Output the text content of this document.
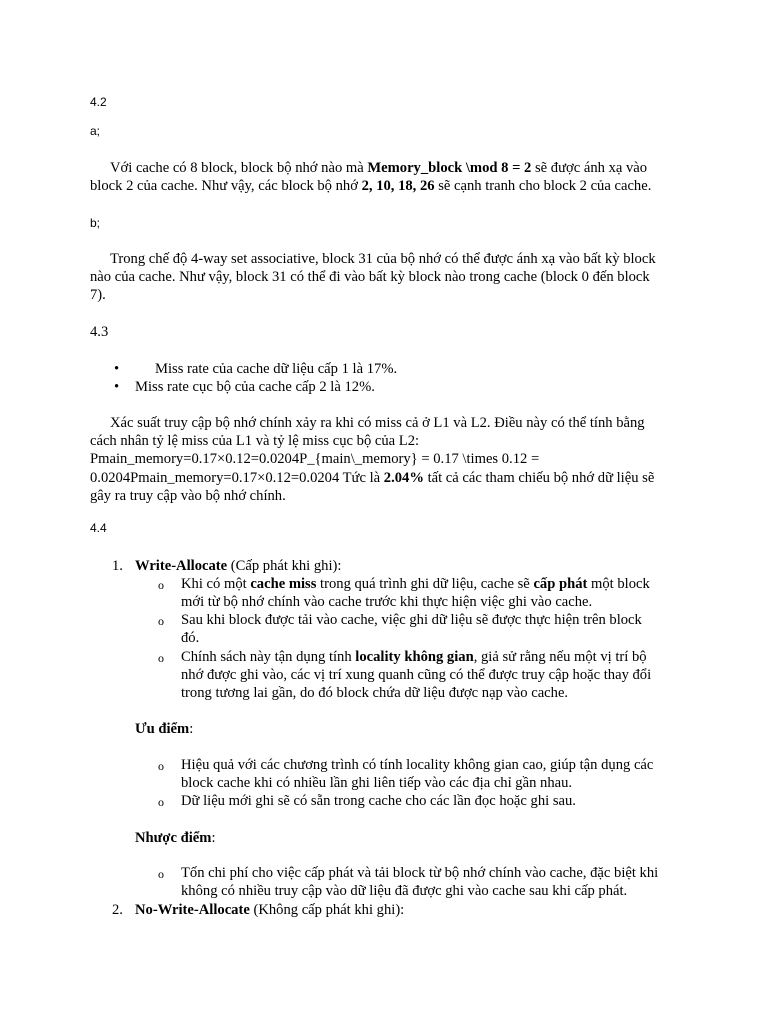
4.2
a;

Với cache có 8 block, block bộ nhớ nào mà Memory_block \mod 8 = 2 sẽ được ánh xạ vào
block 2 của cache. Như vậy, các block bộ nhớ 2, 10, 18, 26 sẽ cạnh tranh cho block 2 của cache.

b;
Trong chế độ 4-way set associative, block 31 của bộ nhớ có thể được ánh xạ vào bất kỳ block
nào của cache. Như vậy, block 31 có thể đi vào bất kỳ block nào trong cache (block 0 đến block
7).
4.3
• Miss rate của cache dữ liệu cấp 1 là 17%.
• Miss rate cục bộ của cache cấp 2 là 12%.
Xác suất truy cập bộ nhớ chính xảy ra khi có miss cả ở L1 và L2. Điều này có thể tính bằng
cách nhân tỷ lệ miss của L1 và tỷ lệ miss cục bộ của L2:
Pmain_memory=0.17×0.12=0.0204P_{main\_memory} = 0.17 \times 0.12 =
0.0204Pmain_memory=0.17×0.12=0.0204 Tức là 2.04% tất cả các tham chiếu bộ nhớ dữ liệu sẽ
gây ra truy cập vào bộ nhớ chính.
4.4
1. Write-Allocate (Cấp phát khi ghi):
o Khi có một cache miss trong quá trình ghi dữ liệu, cache sẽ cấp phát một block
mới từ bộ nhớ chính vào cache trước khi thực hiện việc ghi vào cache.
o Sau khi block được tải vào cache, việc ghi dữ liệu sẽ được thực hiện trên block
đó.
o Chính sách này tận dụng tính locality không gian, giả sử rằng nếu một vị trí bộ
nhớ được ghi vào, các vị trí xung quanh cũng có thể được truy cập hoặc thay đổi
trong tương lai gần, do đó block chứa dữ liệu được nạp vào cache.
Ưu điểm:
o Hiệu quả với các chương trình có tính locality không gian cao, giúp tận dụng các
block cache khi có nhiều lần ghi liên tiếp vào các địa chỉ gần nhau.
o Dữ liệu mới ghi sẽ có sẵn trong cache cho các lần đọc hoặc ghi sau.
Nhược điểm:
o Tốn chi phí cho việc cấp phát và tải block từ bộ nhớ chính vào cache, đặc biệt khi
không có nhiều truy cập vào dữ liệu đã được ghi vào cache sau khi cấp phát.
2. No-Write-Allocate (Không cấp phát khi ghi):
